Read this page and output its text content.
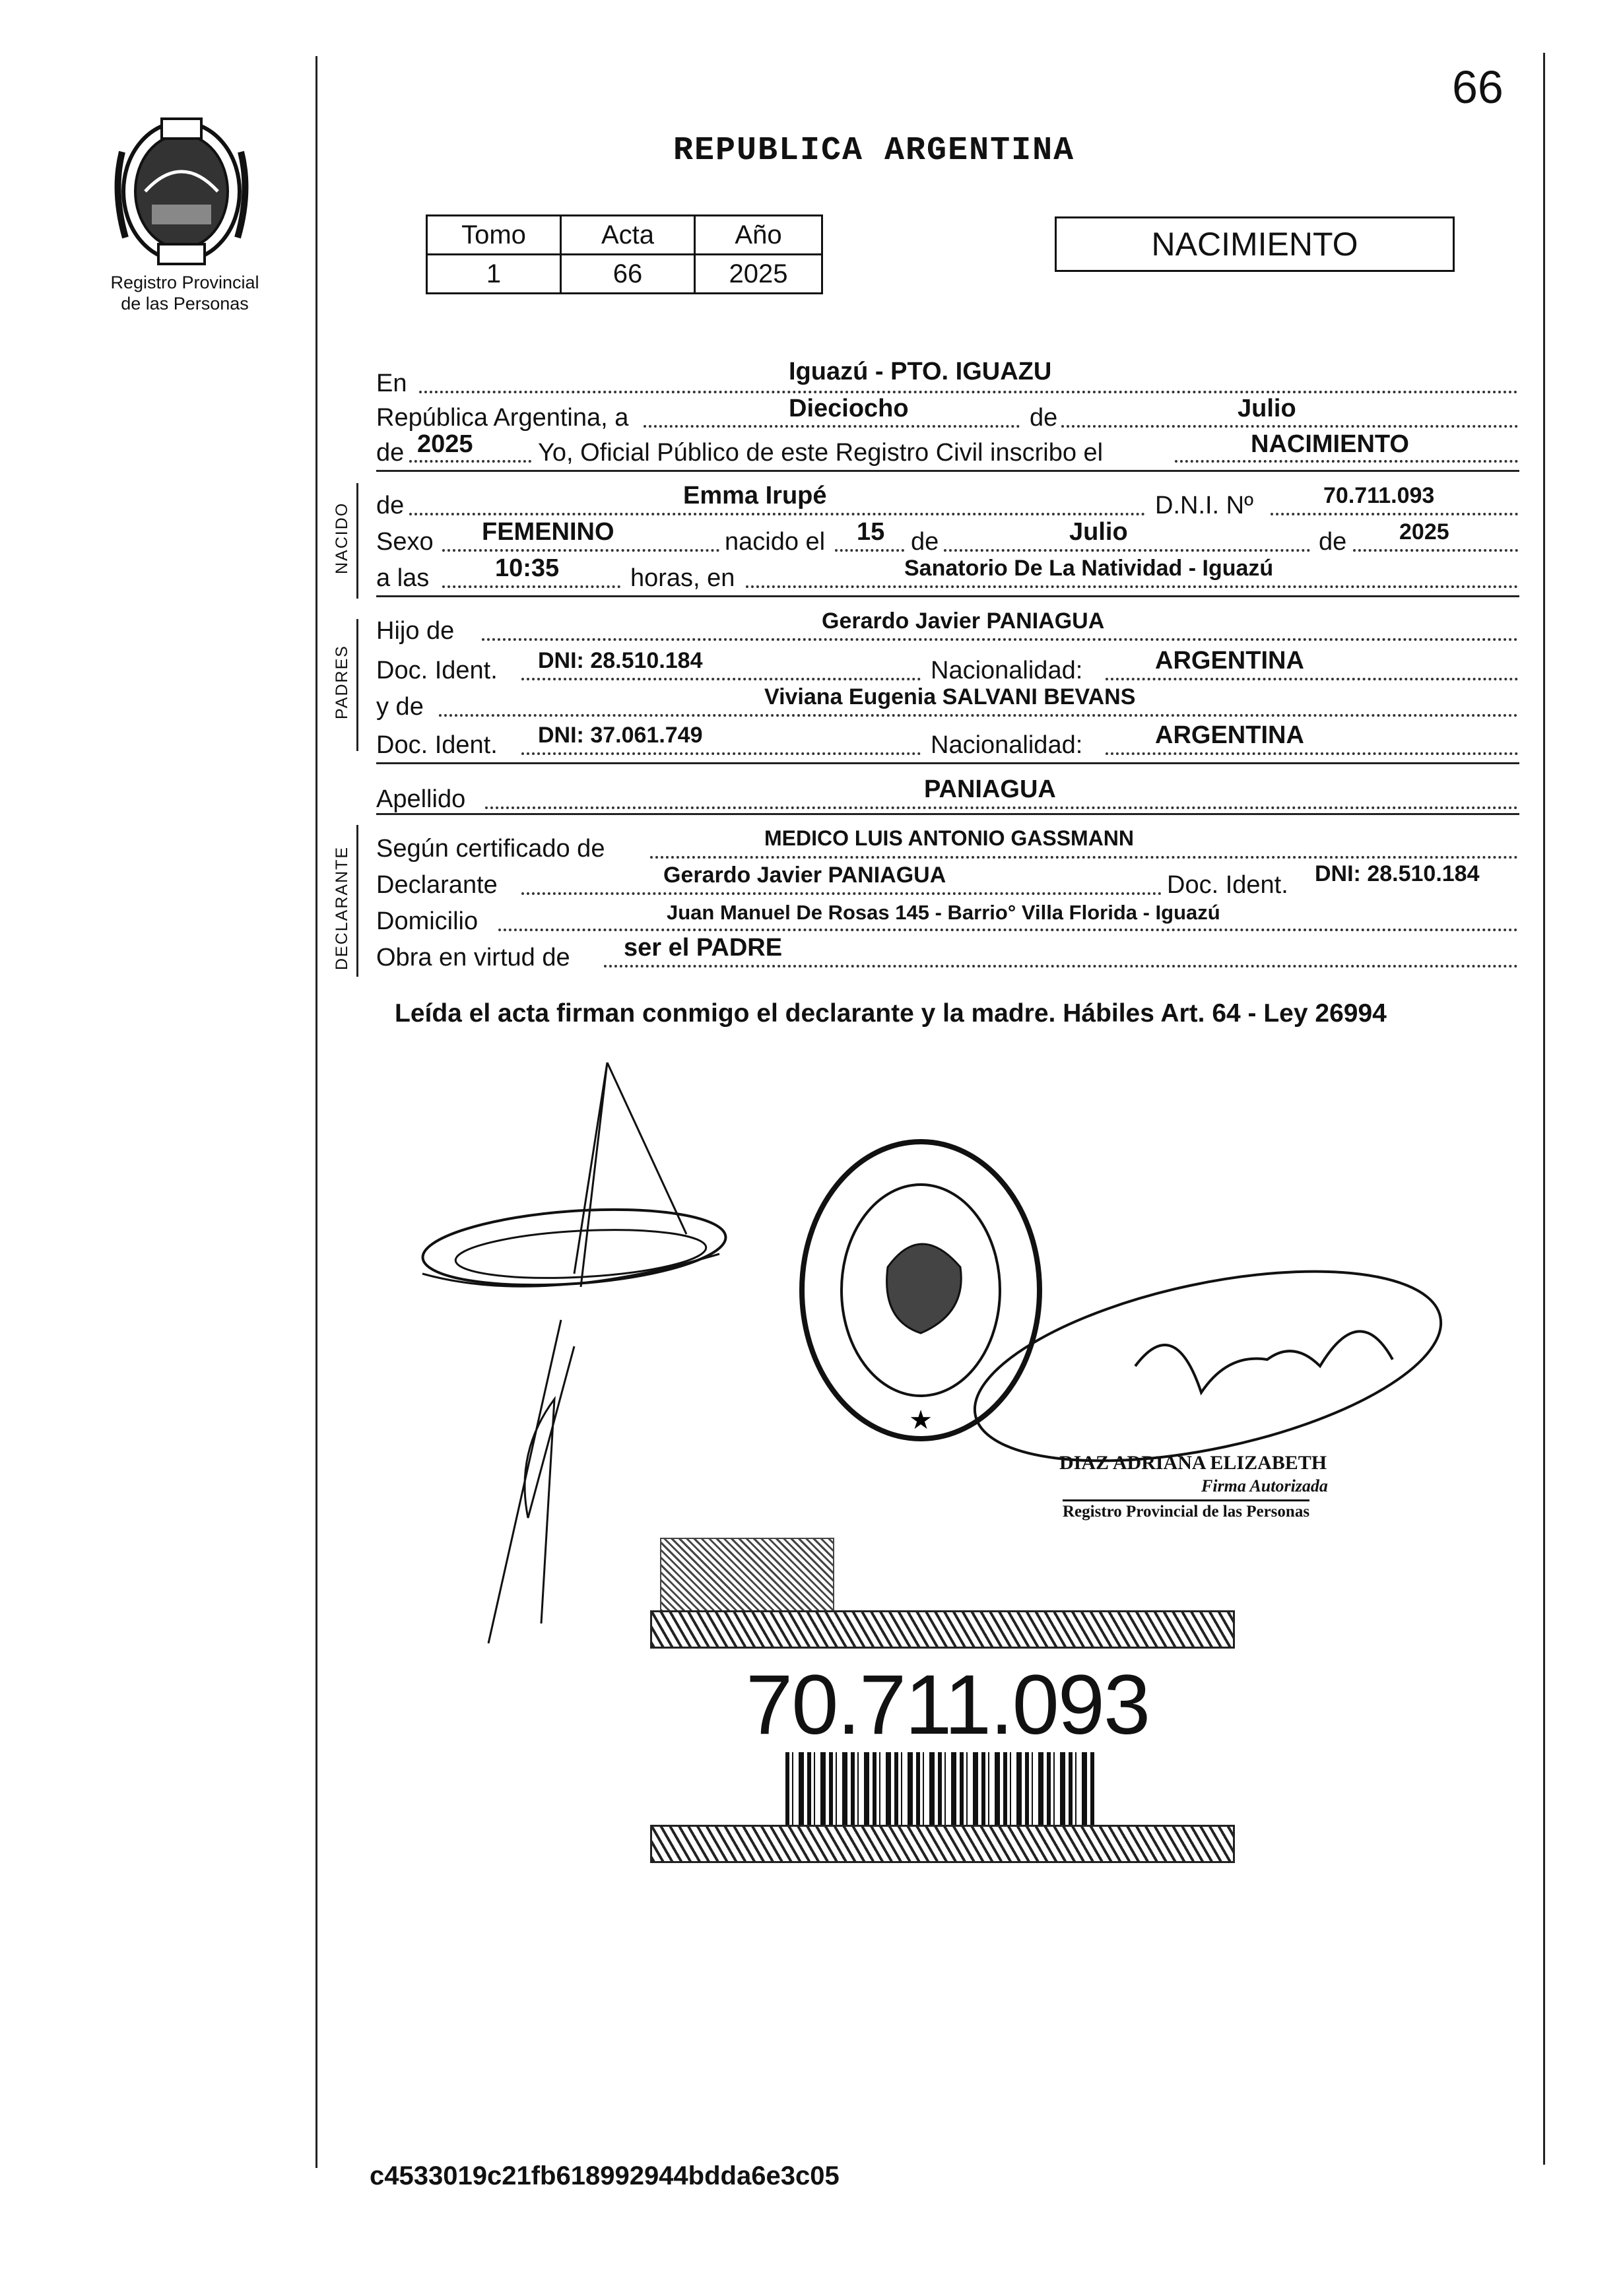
Registro Provincial
de las Personas
66
REPUBLICA ARGENTINA
Tomo	Acta	Año
1	66	2025
NACIMIENTO
NACIDO
PADRES
DECLARANTE
En	Iguazú - PTO. IGUAZU
República Argentina, a	Dieciocho	de	Julio
de 2025	Yo, Oficial Público de este Registro Civil inscribo el	NACIMIENTO
de	Emma Irupé	D.N.I. Nº	70.711.093
Sexo FEMENINO	nacido el 15 de	Julio	de 2025
a las	10:35	horas, en	Sanatorio De La Natividad - Iguazú
Hijo de	Gerardo Javier PANIAGUA
Doc. Ident. DNI: 28.510.184	Nacionalidad:	ARGENTINA
y de	Viviana Eugenia SALVANI BEVANS
Doc. Ident. DNI: 37.061.749	Nacionalidad:	ARGENTINA
Apellido	PANIAGUA
Según certificado de	MEDICO LUIS ANTONIO GASSMANN
Declarante	Gerardo Javier PANIAGUA	Doc. Ident. DNI: 28.510.184
Domicilio	Juan Manuel De Rosas 145 - Barrio° Villa Florida - Iguazú
Obra en virtud de ser el PADRE
Leída el acta firman conmigo el declarante y la madre. Hábiles Art. 64 - Ley 26994
★
DIAZ ADRIANA ELIZABETH
Firma Autorizada
Registro Provincial de las Personas
70.711.093
c4533019c21fb618992944bdda6e3c05
